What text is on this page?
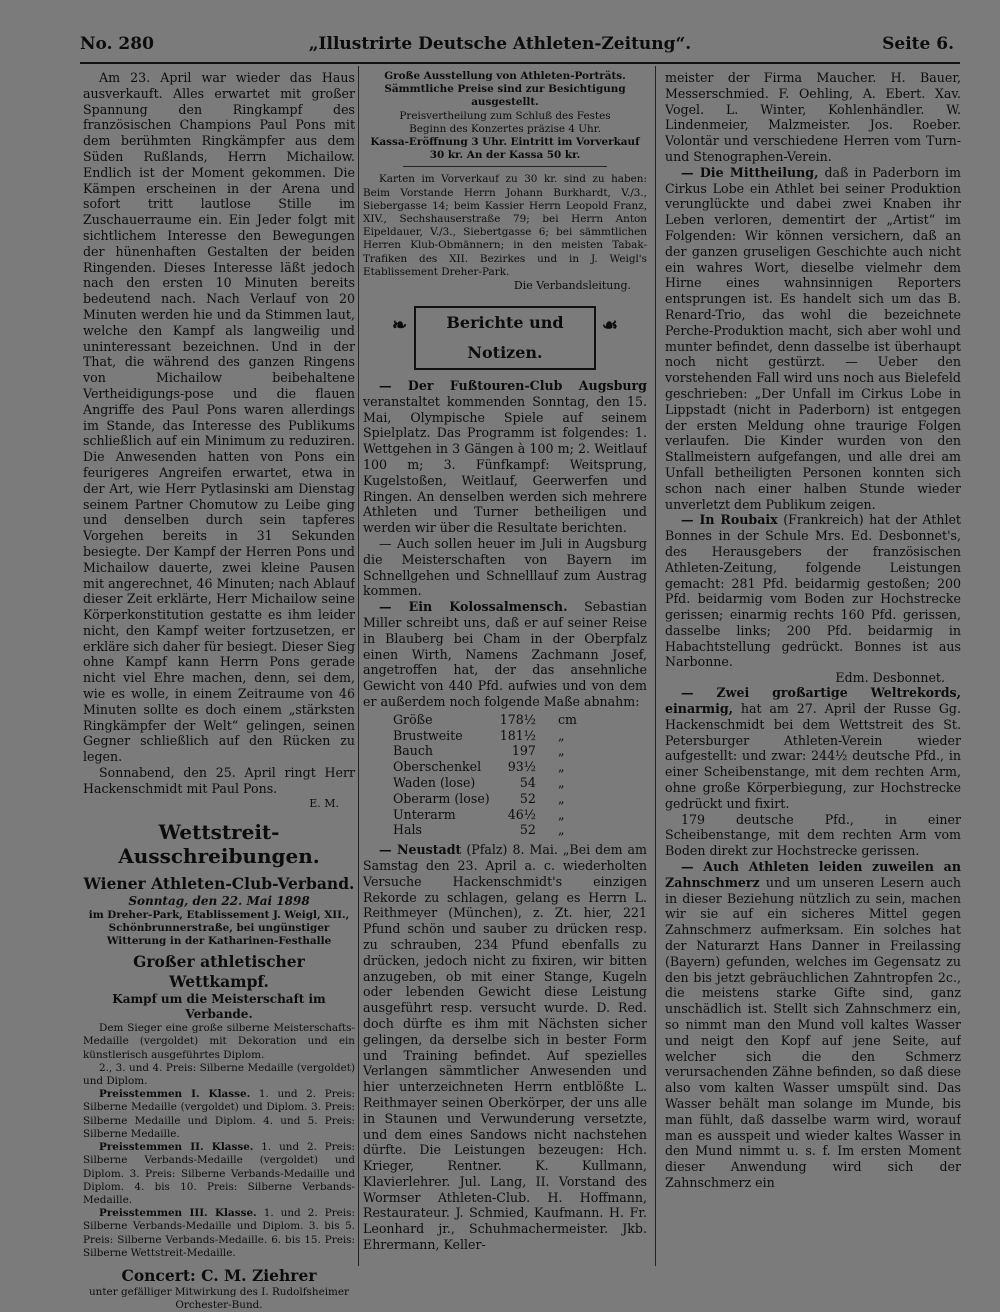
No. 280	„Illustrirte Deutsche Athleten-Zeitung“.	Seite 6.

Am 23. April war wieder das Haus ausverkauft. Alles erwartet mit großer Spannung den Ringkampf des französischen Champions Paul Pons mit dem berühmten Ringkämpfer aus dem Süden Rußlands, Herrn Michailow. Endlich ist der Moment gekommen. Die Kämpen erscheinen in der Arena und sofort tritt lautlose Stille im Zuschauerraume ein. Ein Jeder folgt mit sichtlichem Interesse den Bewegungen der hünenhaften Gestalten der beiden Ringenden. Dieses Interesse läßt jedoch nach den ersten 10 Minuten bereits bedeutend nach. Nach Verlauf von 20 Minuten werden hie und da Stimmen laut, welche den Kampf als langweilig und uninteressant bezeichnen. Und in der That, die während des ganzen Ringens von Michailow beibehaltene Vertheidigungs-pose und die flauen Angriffe des Paul Pons waren allerdings im Stande, das Interesse des Publikums schließlich auf ein Minimum zu reduziren. Die Anwesenden hatten von Pons ein feurigeres Angreifen erwartet, etwa in der Art, wie Herr Pytlasinski am Dienstag seinem Partner Chomutow zu Leibe ging und denselben durch sein tapferes Vorgehen bereits in 31 Sekunden besiegte. Der Kampf der Herren Pons und Michailow dauerte, zwei kleine Pausen mit angerechnet, 46 Minuten; nach Ablauf dieser Zeit erklärte, Herr Michailow seine Körperkonstitution gestatte es ihm leider nicht, den Kampf weiter fortzusetzen, er erkläre sich daher für besiegt. Dieser Sieg ohne Kampf kann Herrn Pons gerade nicht viel Ehre machen, denn, sei dem, wie es wolle, in einem Zeitraume von 46 Minuten sollte es doch einem „stärksten Ringkämpfer der Welt“ gelingen, seinen Gegner schließlich auf den Rücken zu legen.

Sonnabend, den 25. April ringt Herr Hackenschmidt mit Paul Pons.

E. M.

Wettstreit-Ausschreibungen.
Wiener Athleten-Club-Verband.
Sonntag, den 22. Mai 1898

im Dreher-Park, Etablissement J. Weigl, XII., Schönbrunnerstraße, bei ungünstiger Witterung in der Katharinen-Festhalle

Großer athletischer Wettkampf.
Kampf um die Meisterschaft im Verbande.

Dem Sieger eine große silberne Meisterschafts-Medaille (vergoldet) mit Dekoration und ein künstlerisch ausgeführtes Diplom.

2., 3. und 4. Preis: Silberne Medaille (vergoldet) und Diplom.

Preisstemmen I. Klasse. 1. und 2. Preis: Silberne Medaille (vergoldet) und Diplom. 3. Preis: Silberne Medaille und Diplom. 4. und 5. Preis: Silberne Medaille.

Preisstemmen II. Klasse. 1. und 2. Preis: Silberne Verbands-Medaille (vergoldet) und Diplom. 3. Preis: Silberne Verbands-Medaille und Diplom. 4. bis 10. Preis: Silberne Verbands-Medaille.

Preisstemmen III. Klasse. 1. und 2. Preis: Silberne Verbands-Medaille und Diplom. 3. bis 5. Preis: Silberne Verbands-Medaille. 6. bis 15. Preis: Silberne Wettstreit-Medaille.

Concert: C. M. Ziehrer

unter gefälliger Mitwirkung des I. Rudolfsheimer Orchester-Bund.

Große Ausstellung von Athleten-Porträts.

Sämmtliche Preise sind zur Besichtigung ausgestellt.

Preisvertheilung zum Schluß des Festes

Beginn des Konzertes präzise 4 Uhr.

Kassa-Eröffnung 3 Uhr. Eintritt im Vorverkauf 30 kr. An der Kassa 50 kr.

Karten im Vorverkauf zu 30 kr. sind zu haben: Beim Vorstande Herrn Johann Burkhardt, V./3., Siebergasse 14; beim Kassier Herrn Leopold Franz, XIV., Sechshauserstraße 79; bei Herrn Anton Eipeldauer, V./3., Siebertgasse 6; bei sämmtlichen Herren Klub-Obmännern; in den meisten Tabak-Trafiken des XII. Bezirkes und in J. Weigl's Etablissement Dreher-Park.

Die Verbandsleitung.

❧ Berichte und Notizen.
☙

— Der Fußtouren-Club Augsburg veranstaltet kommenden Sonntag, den 15. Mai, Olympische Spiele auf seinem Spielplatz. Das Programm ist folgendes: 1. Wettgehen in 3 Gängen à 100 m; 2. Weitlauf 100 m; 3. Fünfkampf: Weitsprung, Kugelstoßen, Weitlauf, Geerwerfen und Ringen. An denselben werden sich mehrere Athleten und Turner betheiligen und werden wir über die Resultate berichten.

— Auch sollen heuer im Juli in Augsburg die Meisterschaften von Bayern im Schnellgehen und Schnelllauf zum Austrag kommen.

— Ein Kolossalmensch. Sebastian Miller schreibt uns, daß er auf seiner Reise in Blauberg bei Cham in der Oberpfalz einen Wirth, Namens Zachmann Josef, angetroffen hat, der das ansehnliche Gewicht von 440 Pfd. aufwies und von dem er außerdem noch folgende Maße abnahm:

Größe	178½	cm
Brustweite	181½	„
Bauch	197	„
Oberschenkel	93½	„
Waden (lose)	54	„
Oberarm (lose)	52	„
Unterarm	46½	„
Hals	52	„

— Neustadt (Pfalz) 8. Mai. „Bei dem am Samstag den 23. April a. c. wiederholten Versuche Hackenschmidt's einzigen Rekorde zu schlagen, gelang es Herrn L. Reithmeyer (München), z. Zt. hier, 221 Pfund schön und sauber zu drücken resp. zu schrauben, 234 Pfund ebenfalls zu drücken, jedoch nicht zu fixiren, wir bitten anzugeben, ob mit einer Stange, Kugeln oder lebenden Gewicht diese Leistung ausgeführt resp. versucht wurde. D. Red. doch dürfte es ihm mit Nächsten sicher gelingen, da derselbe sich in bester Form und Training befindet. Auf spezielles Verlangen sämmtlicher Anwesenden und hier unterzeichneten Herrn entblößte L. Reithmayer seinen Oberkörper, der uns alle in Staunen und Verwunderung versetzte, und dem eines Sandows nicht nachstehen dürfte. Die Leistungen bezeugen: Hch. Krieger, Rentner. K. Kullmann, Klavierlehrer. Jul. Lang, II. Vorstand des Wormser Athleten-Club. H. Hoffmann, Restaurateur. J. Schmied, Kaufmann. H. Fr. Leonhard jr., Schuhmachermeister. Jkb. Ehrermann, Keller-

meister der Firma Maucher. H. Bauer, Messerschmied. F. Oehling, A. Ebert. Xav. Vogel. L. Winter, Kohlenhändler. W. Lindenmeier, Malzmeister. Jos. Roeber. Volontär und verschiedene Herren vom Turn- und Stenographen-Verein.

— Die Mittheilung, daß in Paderborn im Cirkus Lobe ein Athlet bei seiner Produktion verunglückte und dabei zwei Knaben ihr Leben verloren, dementirt der „Artist“ im Folgenden: Wir können versichern, daß an der ganzen gruseligen Geschichte auch nicht ein wahres Wort, dieselbe vielmehr dem Hirne eines wahnsinnigen Reporters entsprungen ist. Es handelt sich um das B. Renard-Trio, das wohl die bezeichnete Perche-Produktion macht, sich aber wohl und munter befindet, denn dasselbe ist überhaupt noch nicht gestürzt. — Ueber den vorstehenden Fall wird uns noch aus Bielefeld geschrieben: „Der Unfall im Cirkus Lobe in Lippstadt (nicht in Paderborn) ist entgegen der ersten Meldung ohne traurige Folgen verlaufen. Die Kinder wurden von den Stallmeistern aufgefangen, und alle drei am Unfall betheiligten Personen konnten sich schon nach einer halben Stunde wieder unverletzt dem Publikum zeigen.

— In Roubaix (Frankreich) hat der Athlet Bonnes in der Schule Mrs. Ed. Desbonnet's, des Herausgebers der französischen Athleten-Zeitung, folgende Leistungen gemacht: 281 Pfd. beidarmig gestoßen; 200 Pfd. beidarmig vom Boden zur Hochstrecke gerissen; einarmig rechts 160 Pfd. gerissen, dasselbe links; 200 Pfd. beidarmig in Habachtstellung gedrückt. Bonnes ist aus Narbonne.

Edm. Desbonnet.

— Zwei großartige Weltrekords, einarmig, hat am 27. April der Russe Gg. Hackenschmidt bei dem Wettstreit des St. Petersburger Athleten-Verein wieder aufgestellt: und zwar: 244½ deutsche Pfd., in einer Scheibenstange, mit dem rechten Arm, ohne große Körperbiegung, zur Hochstrecke gedrückt und fixirt.

179 deutsche Pfd., in einer Scheibenstange, mit dem rechten Arm vom Boden direkt zur Hochstrecke gerissen.

— Auch Athleten leiden zuweilen an Zahnschmerz und um unseren Lesern auch in dieser Beziehung nützlich zu sein, machen wir sie auf ein sicheres Mittel gegen Zahnschmerz aufmerksam. Ein solches hat der Naturarzt Hans Danner in Freilassing (Bayern) gefunden, welches im Gegensatz zu den bis jetzt gebräuchlichen Zahntropfen 2c., die meistens starke Gifte sind, ganz unschädlich ist. Stellt sich Zahnschmerz ein, so nimmt man den Mund voll kaltes Wasser und neigt den Kopf auf jene Seite, auf welcher sich die den Schmerz verursachenden Zähne befinden, so daß diese also vom kalten Wasser umspült sind. Das Wasser behält man solange im Munde, bis man fühlt, daß dasselbe warm wird, worauf man es ausspeit und wieder kaltes Wasser in den Mund nimmt u. s. f. Im ersten Moment dieser Anwendung wird sich der Zahnschmerz ein
